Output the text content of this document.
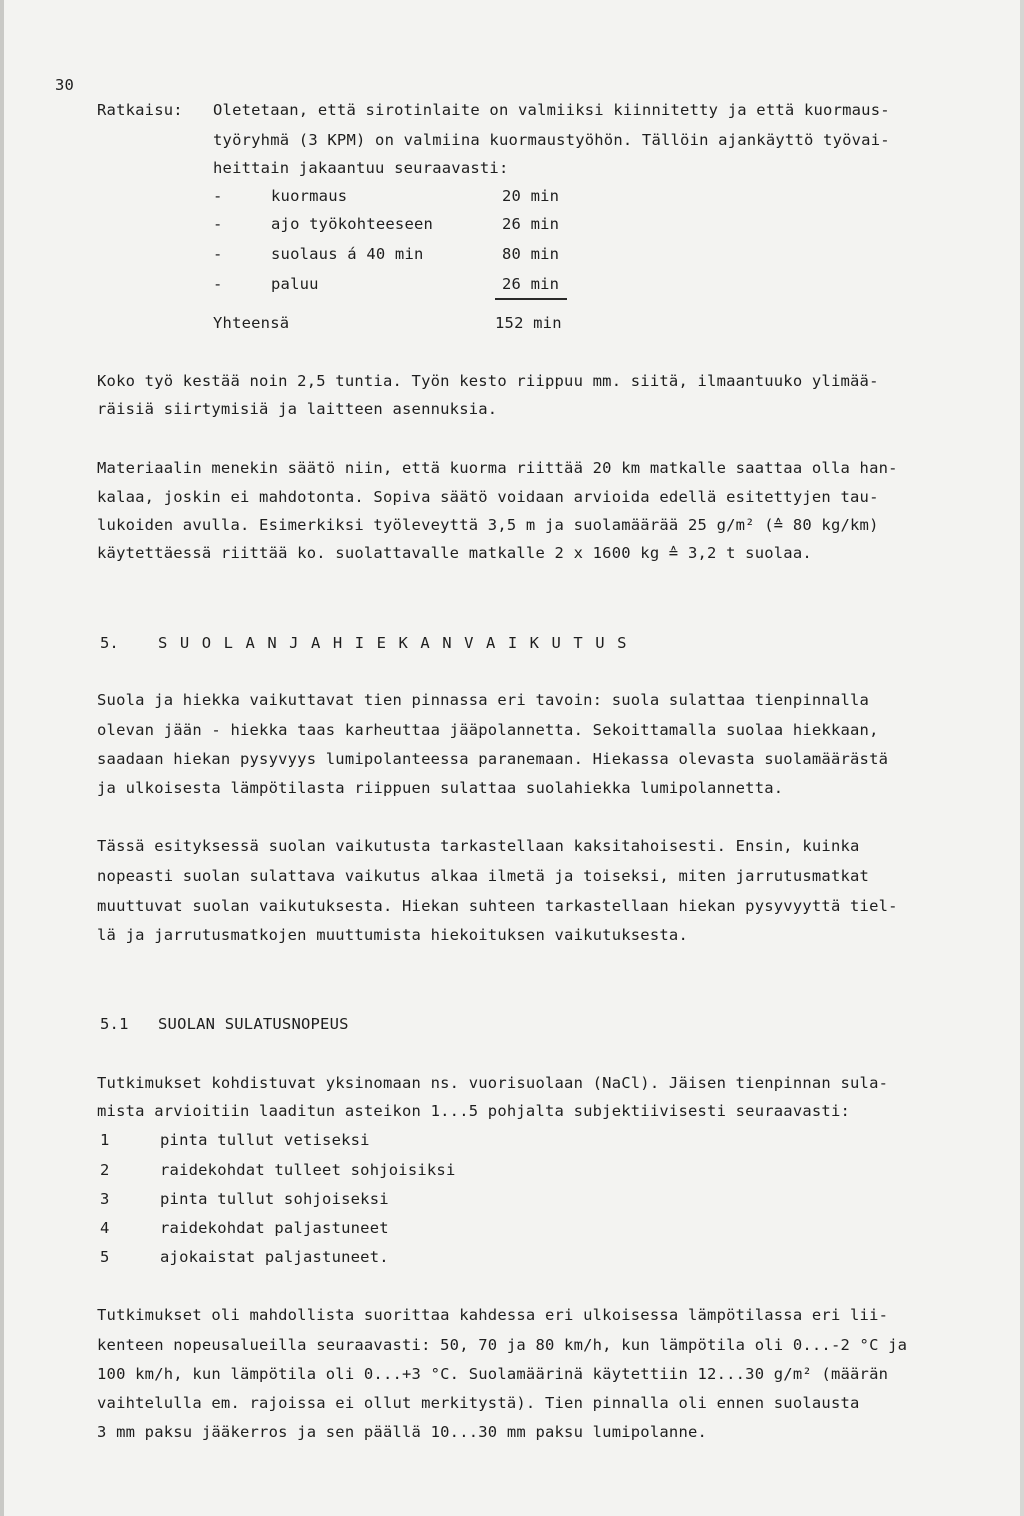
30
Ratkaisu: Oletetaan, että sirotinlaite on valmiiksi kiinnitetty ja että kuormaus-
työryhmä (3 KPM) on valmiina kuormaustyöhön. Tällöin ajankäyttö työvai-
heittain jakaantuu seuraavasti:
-	kuormaus	20 min
-	ajo työkohteeseen	26 min
-	suolaus á 40 min	80 min
-	paluu	26 min
Yhteensä	152 min
Koko työ kestää noin 2,5 tuntia. Työn kesto riippuu mm. siitä, ilmaantuuko ylimää-
räisiä siirtymisiä ja laitteen asennuksia.
Materiaalin menekin säätö niin, että kuorma riittää 20 km matkalle saattaa olla han-
kalaa, joskin ei mahdotonta. Sopiva säätö voidaan arvioida edellä esitettyjen tau-
lukoiden avulla. Esimerkiksi työleveyttä 3,5 m ja suolamäärää 25 g/m² (≙ 80 kg/km)
käytettäessä riittää ko. suolattavalle matkalle 2 x 1600 kg ≙ 3,2 t suolaa.
5.	S U O L A N J A H I E K A N V A I K U T U S
Suola ja hiekka vaikuttavat tien pinnassa eri tavoin: suola sulattaa tienpinnalla
olevan jään - hiekka taas karheuttaa jääpolannetta. Sekoittamalla suolaa hiekkaan,
saadaan hiekan pysyvyys lumipolanteessa paranemaan. Hiekassa olevasta suolamäärästä
ja ulkoisesta lämpötilasta riippuen sulattaa suolahiekka lumipolannetta.
Tässä esityksessä suolan vaikutusta tarkastellaan kaksitahoisesti. Ensin, kuinka
nopeasti suolan sulattava vaikutus alkaa ilmetä ja toiseksi, miten jarrutusmatkat
muuttuvat suolan vaikutuksesta. Hiekan suhteen tarkastellaan hiekan pysyvyyttä tiel-
lä ja jarrutusmatkojen muuttumista hiekoituksen vaikutuksesta.
5.1 SUOLAN SULATUSNOPEUS
Tutkimukset kohdistuvat yksinomaan ns. vuorisuolaan (NaCl). Jäisen tienpinnan sula-
mista arvioitiin laaditun asteikon 1...5 pohjalta subjektiivisesti seuraavasti:
1	pinta tullut vetiseksi
2	raidekohdat tulleet sohjoisiksi
3	pinta tullut sohjoiseksi
4	raidekohdat paljastuneet
5	ajokaistat paljastuneet.
Tutkimukset oli mahdollista suorittaa kahdessa eri ulkoisessa lämpötilassa eri lii-
kenteen nopeusalueilla seuraavasti: 50, 70 ja 80 km/h, kun lämpötila oli 0...-2 °C ja
100 km/h, kun lämpötila oli 0...+3 °C. Suolamäärinä käytettiin 12...30 g/m² (määrän
vaihtelulla em. rajoissa ei ollut merkitystä). Tien pinnalla oli ennen suolausta
3 mm paksu jääkerros ja sen päällä 10...30 mm paksu lumipolanne.
